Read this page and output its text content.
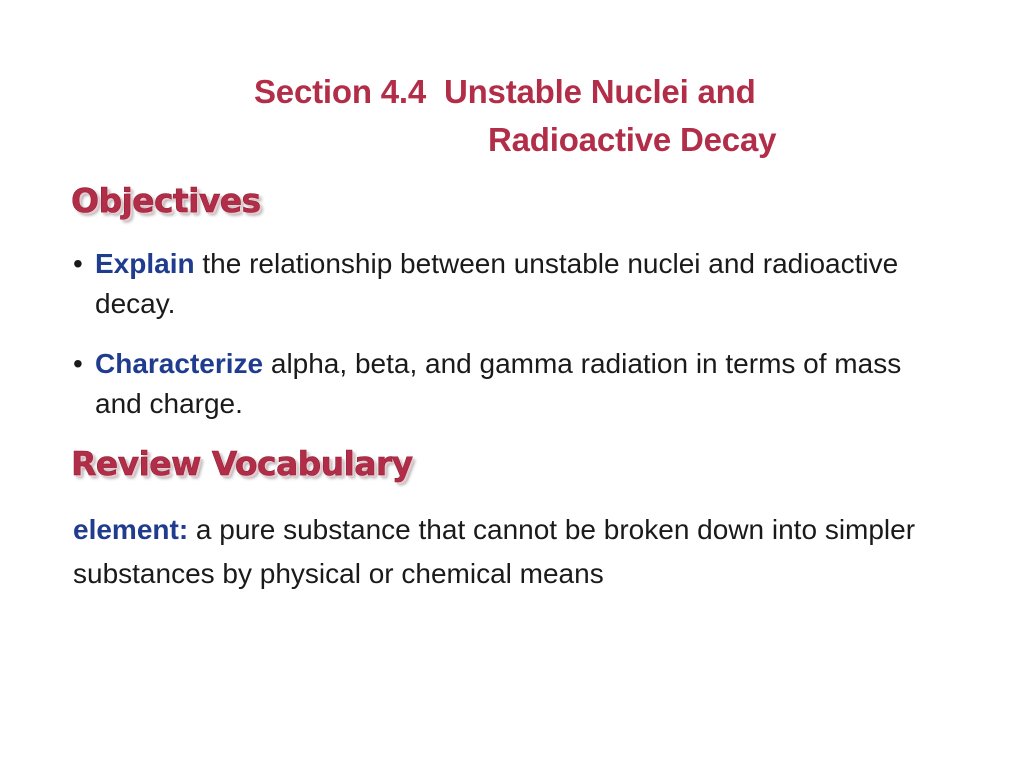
Section 4.4  Unstable Nuclei and
Radioactive Decay
Objectives
• Explain the relationship between unstable nuclei and radioactive decay.
• Characterize alpha, beta, and gamma radiation in terms of mass and charge.
Review Vocabulary
element: a pure substance that cannot be broken down into simpler substances by physical or chemical means
